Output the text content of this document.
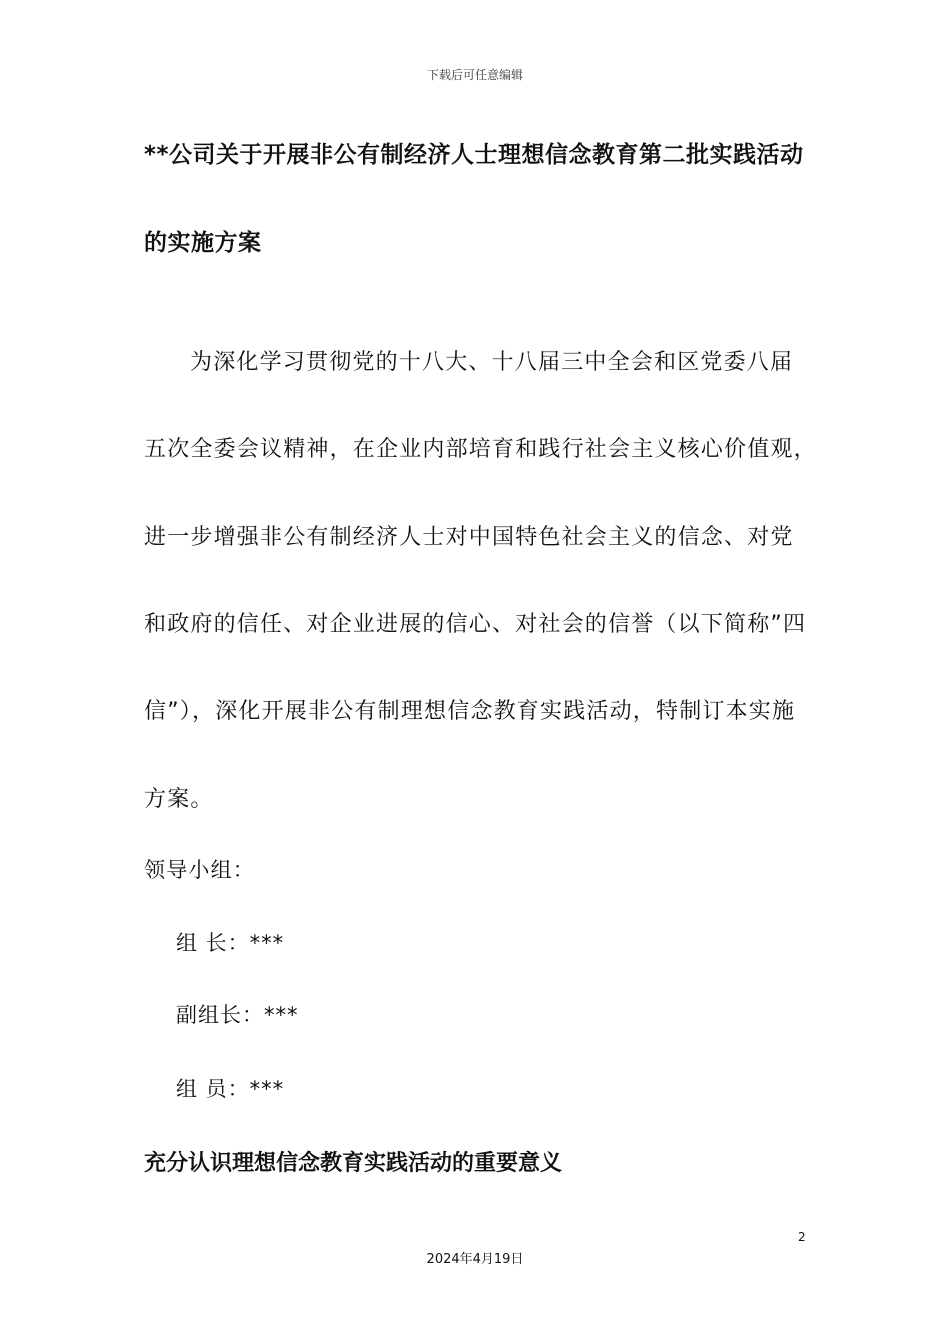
下载后可任意编辑
**公司关于开展非公有制经济人士理想信念教育第二批实践活动
的实施方案
为深化学习贯彻党的十八大、十八届三中全会和区党委八届
五次全委会议精神，在企业内部培育和践行社会主义核心价值观，
进一步增强非公有制经济人士对中国特色社会主义的信念、对党
和政府的信任、对企业进展的信心、对社会的信誉（以下简称”四
信”），深化开展非公有制理想信念教育实践活动，特制订本实施
方案。
领导小组：
组 长：***
副组长：***
组 员：***
充分认识理想信念教育实践活动的重要意义
2
2024年4月19日
